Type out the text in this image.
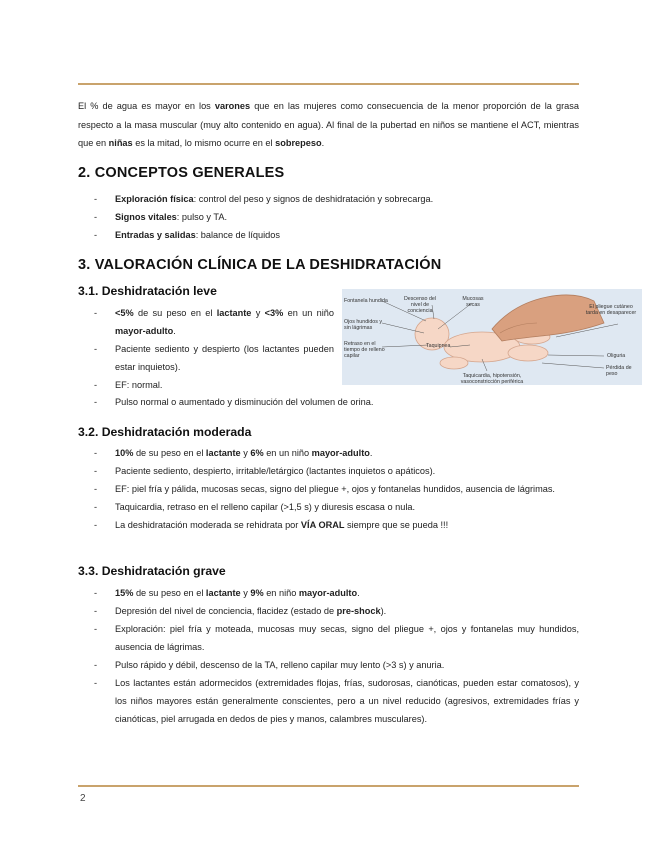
El % de agua es mayor en los varones que en las mujeres como consecuencia de la menor proporción de la grasa respecto a la masa muscular (muy alto contenido en agua). Al final de la pubertad en niños se mantiene el ACT, mientras que en niñas es la mitad, lo mismo ocurre en el sobrepeso.

2. CONCEPTOS GENERALES
- Exploración física: control del peso y signos de deshidratación y sobrecarga.
- Signos vitales: pulso y TA.
- Entradas y salidas: balance de líquidos
3. VALORACIÓN CLÍNICA DE LA DESHIDRATACIÓN
3.1. Deshidratación leve
- <5% de su peso en el lactante y <3% en un niño mayor-adulto.
- Paciente sediento y despierto (los lactantes pueden estar inquietos).
- EF: normal.
- Pulso normal o aumentado y disminución del volumen de orina.
Fontanela hundida	Descenso del nivel de conciencia
Mucosas secas
Ojos hundidos y sin lágrimas
Retraso en el tiempo de relleno capilar
Taquipnea
El pliegue cutáneo tarda en desaparecer
Oliguria
Pérdida de peso
Taquicardia, hipotensión, vasoconstricción periférica
3.2. Deshidratación moderada
- 10% de su peso en el lactante y 6% en un niño mayor-adulto.
- Paciente sediento, despierto, irritable/letárgico (lactantes inquietos o apáticos).
- EF: piel fría y pálida, mucosas secas, signo del pliegue +, ojos y fontanelas hundidos, ausencia de lágrimas.
- Taquicardia, retraso en el relleno capilar (>1,5 s) y diuresis escasa o nula.
- La deshidratación moderada se rehidrata por VÍA ORAL siempre que se pueda !!!
3.3. Deshidratación grave
- 15% de su peso en el lactante y 9% en niño mayor-adulto.
- Depresión del nivel de conciencia, flacidez (estado de pre-shock).
- Exploración: piel fría y moteada, mucosas muy secas, signo del pliegue +, ojos y fontanelas muy hundidos, ausencia de lágrimas.
- Pulso rápido y débil, descenso de la TA, relleno capilar muy lento (>3 s) y anuria.
- Los lactantes están adormecidos (extremidades flojas, frías, sudorosas, cianóticas, pueden estar comatosos), y los niños mayores están generalmente conscientes, pero a un nivel reducido (agresivos, extremidades frías y cianóticas, piel arrugada en dedos de pies y manos, calambres musculares).
2
